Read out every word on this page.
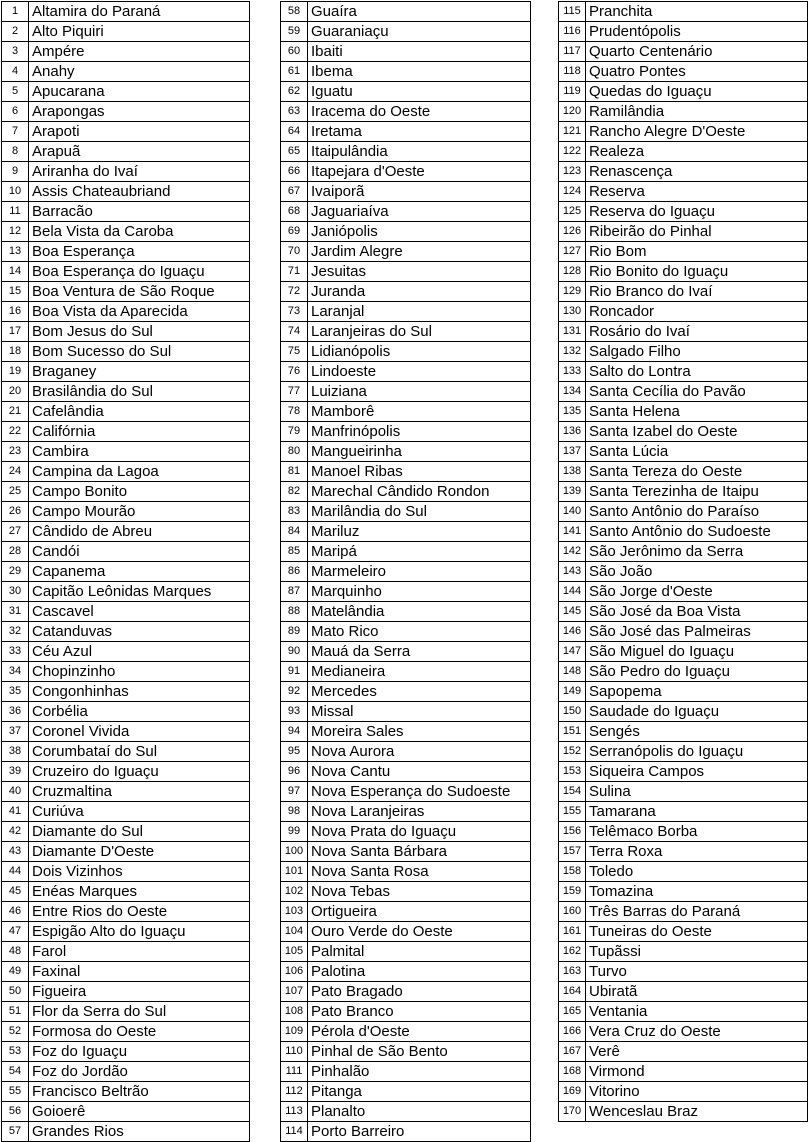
1	Altamira do Paraná
2	Alto Piquiri
3	Ampére
4	Anahy
5	Apucarana
6	Arapongas
7	Arapoti
8	Arapuã
9	Ariranha do Ivaí
10	Assis Chateaubriand
11	Barracão
12	Bela Vista da Caroba
13	Boa Esperança
14	Boa Esperança do Iguaçu
15	Boa Ventura de São Roque
16	Boa Vista da Aparecida
17	Bom Jesus do Sul
18	Bom Sucesso do Sul
19	Braganey
20	Brasilândia do Sul
21	Cafelândia
22	Califórnia
23	Cambira
24	Campina da Lagoa
25	Campo Bonito
26	Campo Mourão
27	Cândido de Abreu
28	Candói
29	Capanema
30	Capitão Leônidas Marques
31	Cascavel
32	Catanduvas
33	Céu Azul
34	Chopinzinho
35	Congonhinhas
36	Corbélia
37	Coronel Vivida
38	Corumbataí do Sul
39	Cruzeiro do Iguaçu
40	Cruzmaltina
41	Curiúva
42	Diamante do Sul
43	Diamante D'Oeste
44	Dois Vizinhos
45	Enéas Marques
46	Entre Rios do Oeste
47	Espigão Alto do Iguaçu
48	Farol
49	Faxinal
50	Figueira
51	Flor da Serra do Sul
52	Formosa do Oeste
53	Foz do Iguaçu
54	Foz do Jordão
55	Francisco Beltrão
56	Goioerê
57	Grandes Rios
58	Guaíra
59	Guaraniaçu
60	Ibaiti
61	Ibema
62	Iguatu
63	Iracema do Oeste
64	Iretama
65	Itaipulândia
66	Itapejara d'Oeste
67	Ivaiporã
68	Jaguariaíva
69	Janiópolis
70	Jardim Alegre
71	Jesuitas
72	Juranda
73	Laranjal
74	Laranjeiras do Sul
75	Lidianópolis
76	Lindoeste
77	Luiziana
78	Mamborê
79	Manfrinópolis
80	Mangueirinha
81	Manoel Ribas
82	Marechal Cândido Rondon
83	Marilândia do Sul
84	Mariluz
85	Maripá
86	Marmeleiro
87	Marquinho
88	Matelândia
89	Mato Rico
90	Mauá da Serra
91	Medianeira
92	Mercedes
93	Missal
94	Moreira Sales
95	Nova Aurora
96	Nova Cantu
97	Nova Esperança do Sudoeste
98	Nova Laranjeiras
99	Nova Prata do Iguaçu
100	Nova Santa Bárbara
101	Nova Santa Rosa
102	Nova Tebas
103	Ortigueira
104	Ouro Verde do Oeste
105	Palmital
106	Palotina
107	Pato Bragado
108	Pato Branco
109	Pérola d'Oeste
110	Pinhal de São Bento
111	Pinhalão
112	Pitanga
113	Planalto
114	Porto Barreiro
115	Pranchita
116	Prudentópolis
117	Quarto Centenário
118	Quatro Pontes
119	Quedas do Iguaçu
120	Ramilândia
121	Rancho Alegre D'Oeste
122	Realeza
123	Renascença
124	Reserva
125	Reserva do Iguaçu
126	Ribeirão do Pinhal
127	Rio Bom
128	Rio Bonito do Iguaçu
129	Rio Branco do Ivaí
130	Roncador
131	Rosário do Ivaí
132	Salgado Filho
133	Salto do Lontra
134	Santa Cecília do Pavão
135	Santa Helena
136	Santa Izabel do Oeste
137	Santa Lúcia
138	Santa Tereza do Oeste
139	Santa Terezinha de Itaipu
140	Santo Antônio do Paraíso
141	Santo Antônio do Sudoeste
142	São Jerônimo da Serra
143	São João
144	São Jorge d'Oeste
145	São José da Boa Vista
146	São José das Palmeiras
147	São Miguel do Iguaçu
148	São Pedro do Iguaçu
149	Sapopema
150	Saudade do Iguaçu
151	Sengés
152	Serranópolis do Iguaçu
153	Siqueira Campos
154	Sulina
155	Tamarana
156	Telêmaco Borba
157	Terra Roxa
158	Toledo
159	Tomazina
160	Três Barras do Paraná
161	Tuneiras do Oeste
162	Tupãssi
163	Turvo
164	Ubiratã
165	Ventania
166	Vera Cruz do Oeste
167	Verê
168	Virmond
169	Vitorino
170	Wenceslau Braz
